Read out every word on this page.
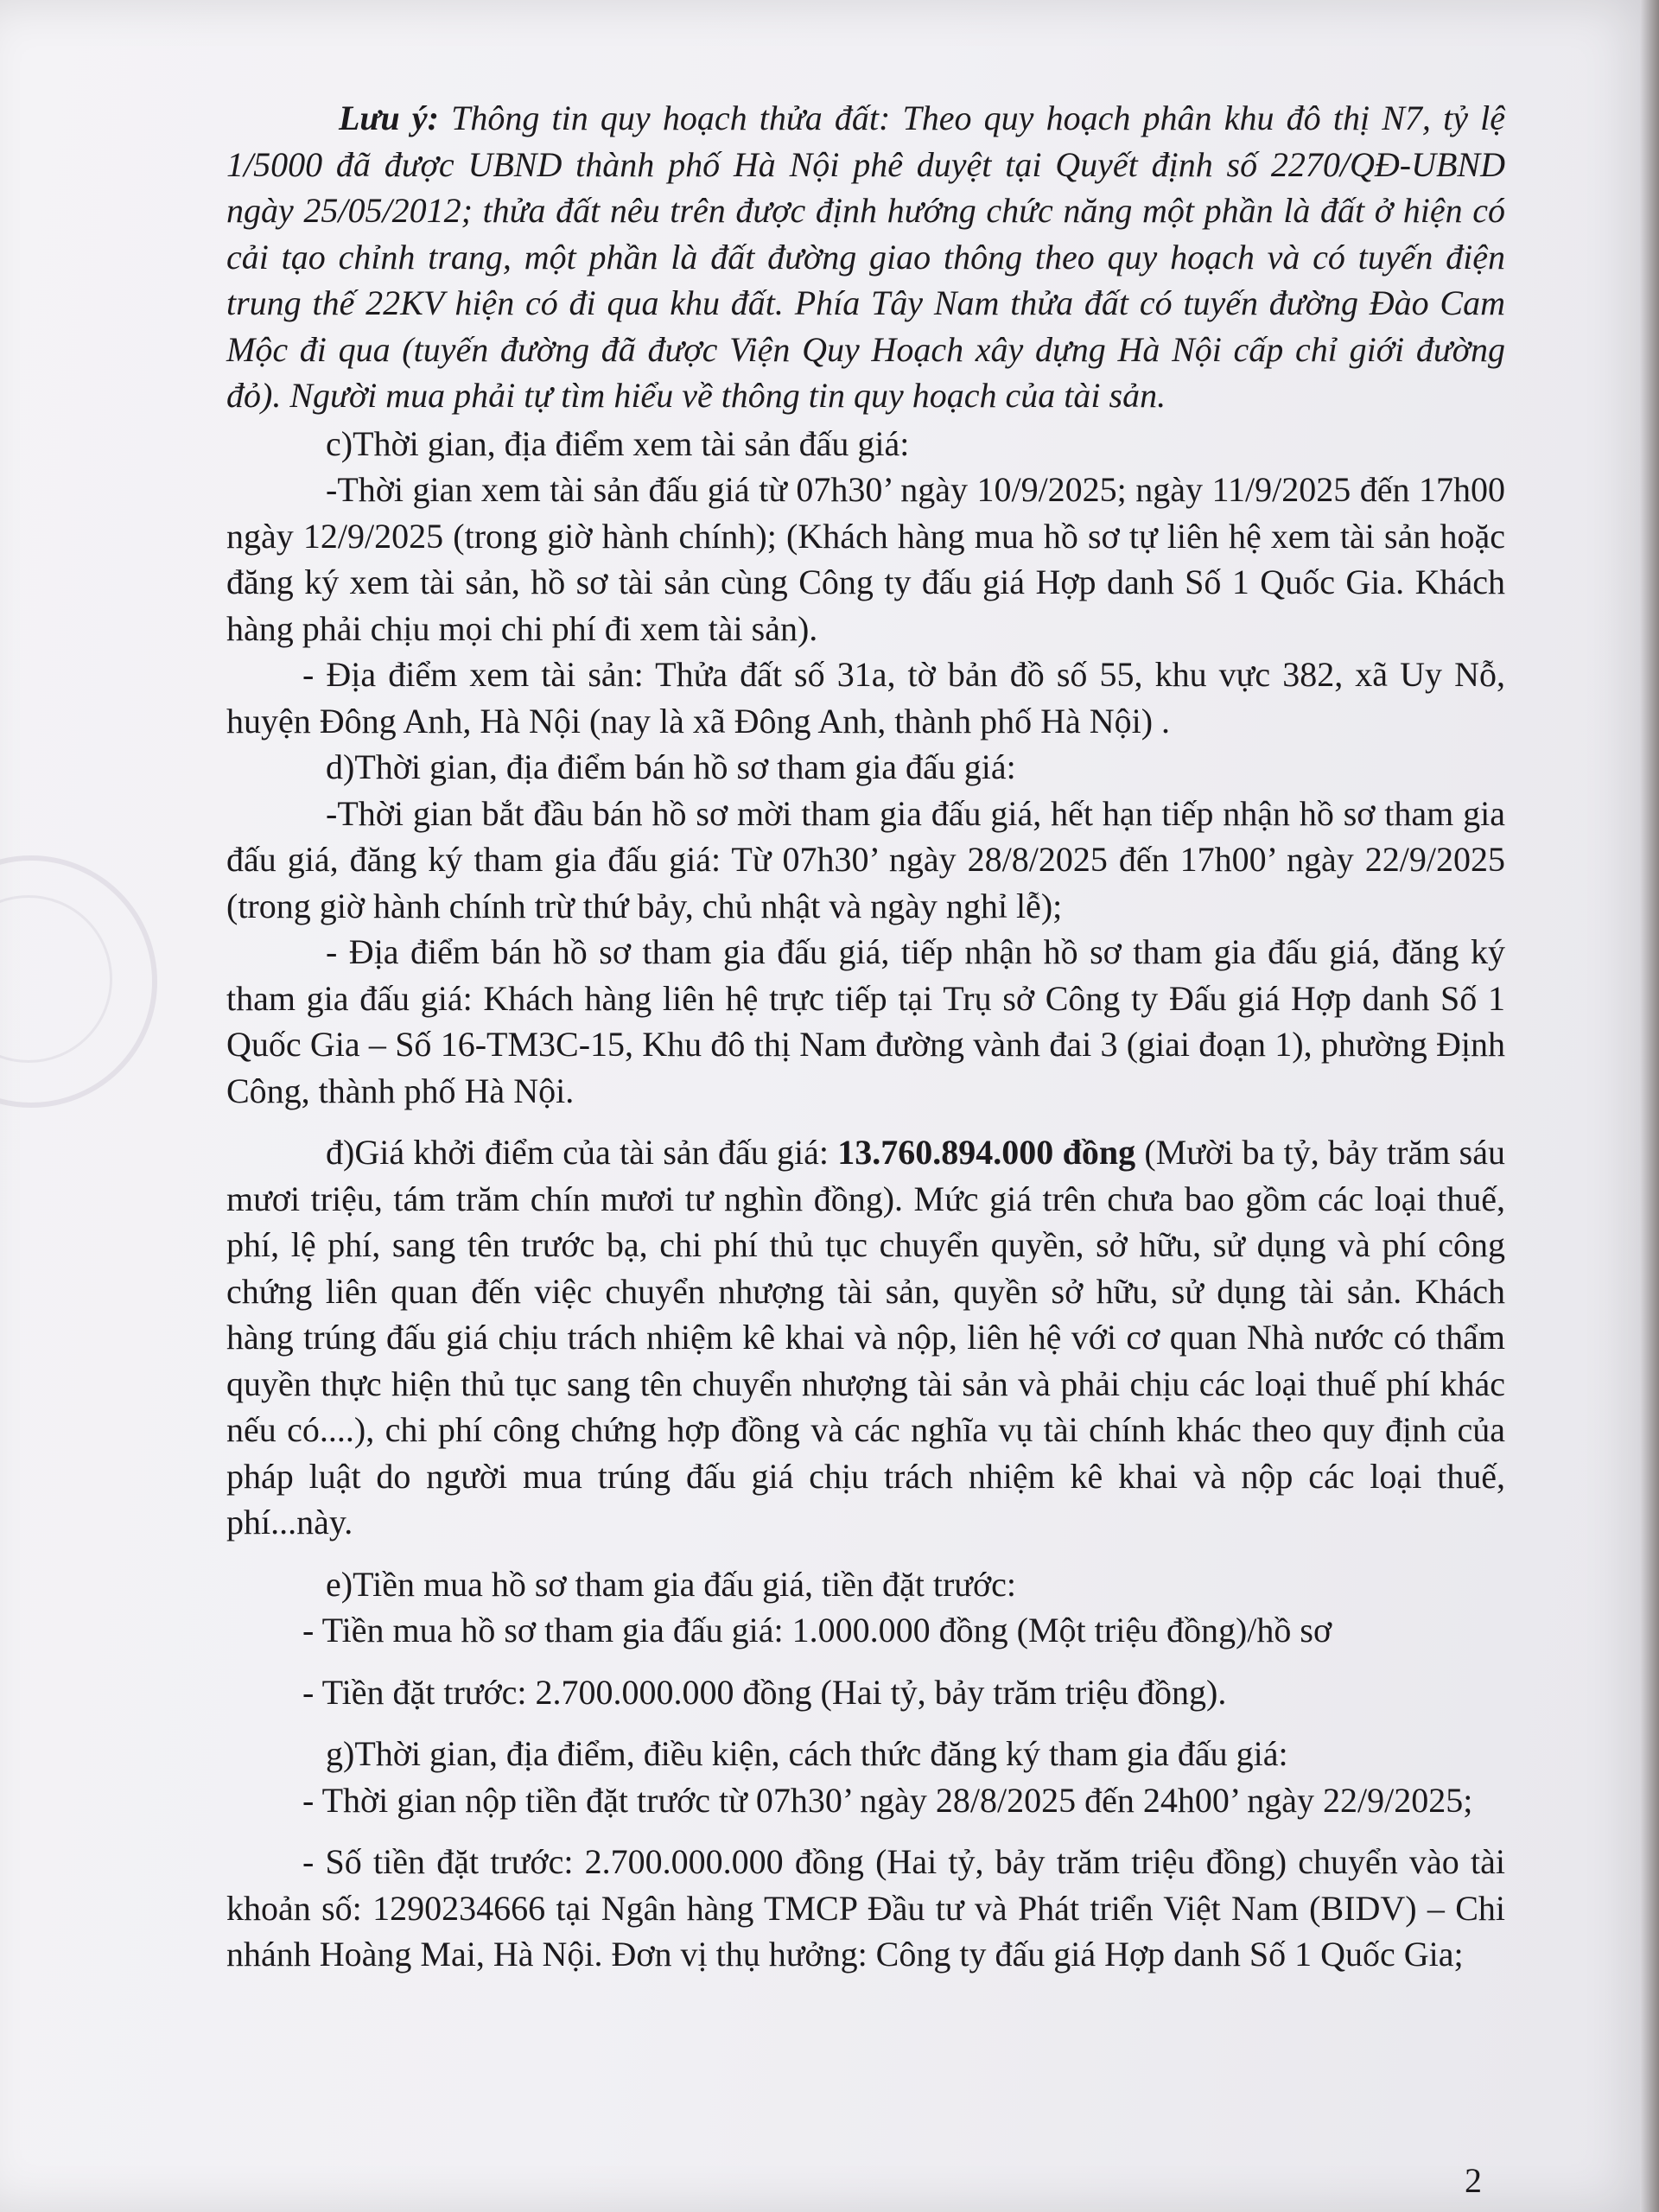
Lưu ý: Thông tin quy hoạch thửa đất: Theo quy hoạch phân khu đô thị N7, tỷ lệ 1/5000 đã được UBND thành phố Hà Nội phê duyệt tại Quyết định số 2270/QĐ-UBND ngày 25/05/2012; thửa đất nêu trên được định hướng chức năng một phần là đất ở hiện có cải tạo chỉnh trang, một phần là đất đường giao thông theo quy hoạch và có tuyến điện trung thế 22KV hiện có đi qua khu đất. Phía Tây Nam thửa đất có tuyến đường Đào Cam Mộc đi qua (tuyến đường đã được Viện Quy Hoạch xây dựng Hà Nội cấp chỉ giới đường đỏ). Người mua phải tự tìm hiểu về thông tin quy hoạch của tài sản.

c)Thời gian, địa điểm xem tài sản đấu giá:

-Thời gian xem tài sản đấu giá từ 07h30’ ngày 10/9/2025; ngày 11/9/2025 đến 17h00 ngày 12/9/2025 (trong giờ hành chính); (Khách hàng mua hồ sơ tự liên hệ xem tài sản hoặc đăng ký xem tài sản, hồ sơ tài sản cùng Công ty đấu giá Hợp danh Số 1 Quốc Gia. Khách hàng phải chịu mọi chi phí đi xem tài sản).

- Địa điểm xem tài sản: Thửa đất số 31a, tờ bản đồ số 55, khu vực 382, xã Uy Nỗ, huyện Đông Anh, Hà Nội (nay là xã Đông Anh, thành phố Hà Nội) .

d)Thời gian, địa điểm bán hồ sơ tham gia đấu giá:

-Thời gian bắt đầu bán hồ sơ mời tham gia đấu giá, hết hạn tiếp nhận hồ sơ tham gia đấu giá, đăng ký tham gia đấu giá: Từ 07h30’ ngày 28/8/2025 đến 17h00’ ngày 22/9/2025 (trong giờ hành chính trừ thứ bảy, chủ nhật và ngày nghỉ lễ);

- Địa điểm bán hồ sơ tham gia đấu giá, tiếp nhận hồ sơ tham gia đấu giá, đăng ký tham gia đấu giá: Khách hàng liên hệ trực tiếp tại Trụ sở Công ty Đấu giá Hợp danh Số 1 Quốc Gia – Số 16-TM3C-15, Khu đô thị Nam đường vành đai 3 (giai đoạn 1), phường Định Công, thành phố Hà Nội.

đ)Giá khởi điểm của tài sản đấu giá: 13.760.894.000 đồng (Mười ba tỷ, bảy trăm sáu mươi triệu, tám trăm chín mươi tư nghìn đồng). Mức giá trên chưa bao gồm các loại thuế, phí, lệ phí, sang tên trước bạ, chi phí thủ tục chuyển quyền, sở hữu, sử dụng và phí công chứng liên quan đến việc chuyển nhượng tài sản, quyền sở hữu, sử dụng tài sản. Khách hàng trúng đấu giá chịu trách nhiệm kê khai và nộp, liên hệ với cơ quan Nhà nước có thẩm quyền thực hiện thủ tục sang tên chuyển nhượng tài sản và phải chịu các loại thuế phí khác nếu có....), chi phí công chứng hợp đồng và các nghĩa vụ tài chính khác theo quy định của pháp luật do người mua trúng đấu giá chịu trách nhiệm kê khai và nộp các loại thuế, phí...này.

e)Tiền mua hồ sơ tham gia đấu giá, tiền đặt trước:

- Tiền mua hồ sơ tham gia đấu giá: 1.000.000 đồng (Một triệu đồng)/hồ sơ

- Tiền đặt trước: 2.700.000.000 đồng (Hai tỷ, bảy trăm triệu đồng).

g)Thời gian, địa điểm, điều kiện, cách thức đăng ký tham gia đấu giá:

- Thời gian nộp tiền đặt trước từ 07h30’ ngày 28/8/2025 đến 24h00’ ngày 22/9/2025;

- Số tiền đặt trước: 2.700.000.000 đồng (Hai tỷ, bảy trăm triệu đồng) chuyển vào tài khoản số: 1290234666 tại Ngân hàng TMCP Đầu tư và Phát triển Việt Nam (BIDV) – Chi nhánh Hoàng Mai, Hà Nội. Đơn vị thụ hưởng: Công ty đấu giá Hợp danh Số 1 Quốc Gia;

2
